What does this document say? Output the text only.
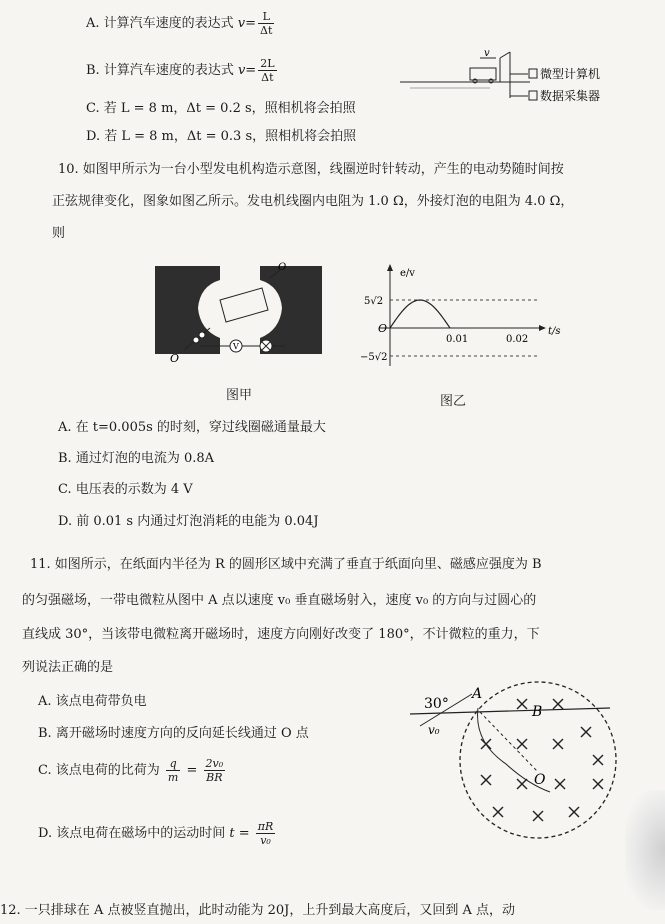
A. 计算汽车速度的表达式 $v= \frac{L}{\Delta t}$
B. 计算汽车速度的表达式 $v= \frac{2L}{\Delta t}$
C. 若 L = 8 m，Δt = 0.2 s，照相机将会拍照
D. 若 L = 8 m，Δt = 0.3 s，照相机将会拍照
v
微型计算机
数据采集器
10. 如图甲所示为一台小型发电机构造示意图，线圈逆时针转动，产生的电动势随时间按
正弦规律变化，图象如图乙所示。发电机线圈内电阻为 1.0 Ω，外接灯泡的电阻为 4.0 Ω，
则
O
O
V
图甲
e/v
t/s
O
5√2
−5√2
0.01	0.02
图乙
A. 在 t=0.005s 的时刻，穿过线圈磁通量最大
B. 通过灯泡的电流为 0.8A
C. 电压表的示数为 4 V
D. 前 0.01 s 内通过灯泡消耗的电能为 0.04J
11. 如图所示，在纸面内半径为 R 的圆形区域中充满了垂直于纸面向里、磁感应强度为 B
的匀强磁场，一带电微粒从图中 A 点以速度 v₀ 垂直磁场射入，速度 v₀ 的方向与过圆心的
直线成 30°，当该带电微粒离开磁场时，速度方向刚好改变了 180°，不计微粒的重力，下
列说法正确的是
A. 该点电荷带负电
B. 离开磁场时速度方向的反向延长线通过 O 点
C. 该点电荷的比荷为 $\frac{q}{m} = \frac{\text{2v₀}}{BR}$
D. 该点电荷在磁场中的运动时间 $t = \frac{\pi R}{\text{v₀}}$
30°
A
B
O
v₀
12. 一只排球在 A 点被竖直抛出，此时动能为 20J，上升到最大高度后，又回到 A 点，动
